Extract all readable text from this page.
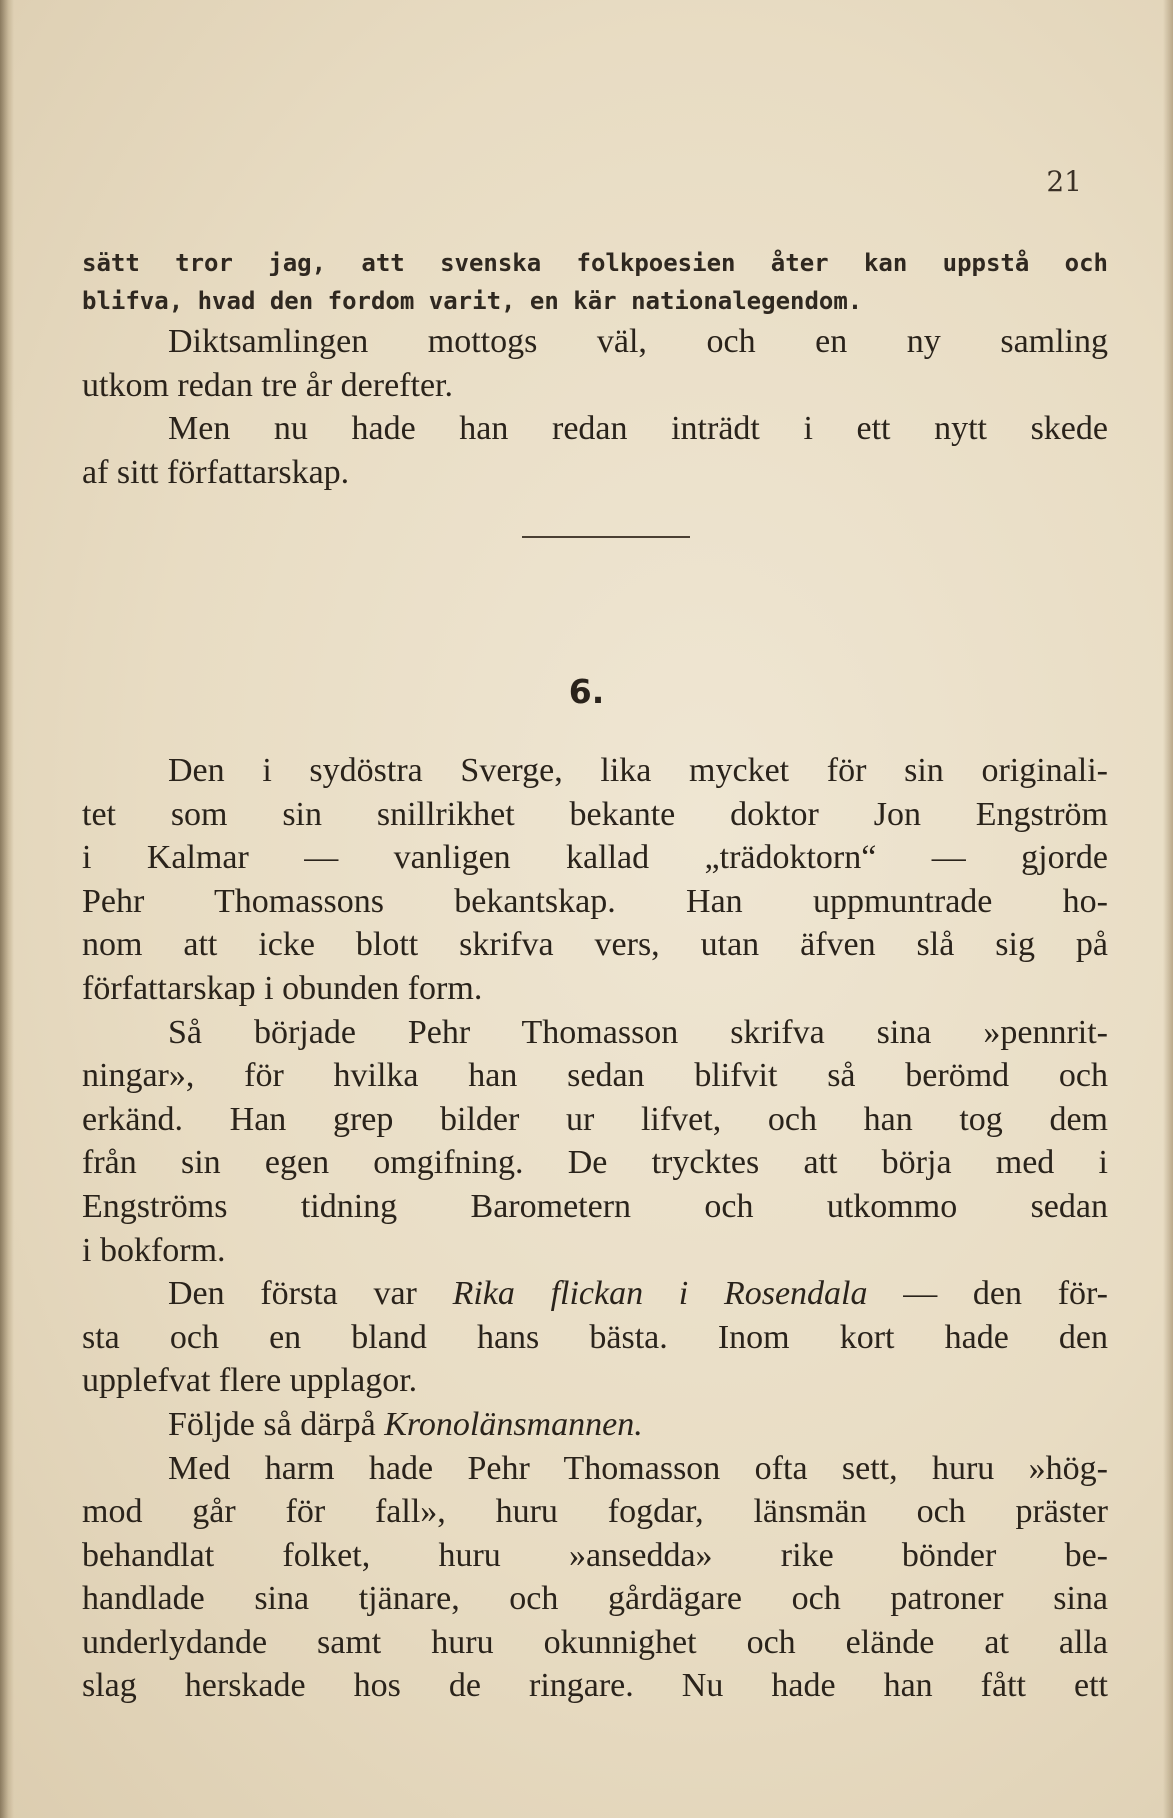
21
sätt tror jag, att svenska folkpoesien åter kan uppstå och
blifva, hvad den fordom varit, en kär nationalegendom.
Diktsamlingen mottogs väl, och en ny samling
utkom redan tre år derefter.
Men nu hade han redan inträdt i ett nytt skede
af sitt författarskap.
6.
Den i sydöstra Sverge, lika mycket för sin originali-
tet som sin snillrikhet bekante doktor Jon Engström
i Kalmar — vanligen kallad „trädoktorn“ — gjorde
Pehr Thomassons bekantskap. Han uppmuntrade ho-
nom att icke blott skrifva vers, utan äfven slå sig på
författarskap i obunden form.
Så började Pehr Thomasson skrifva sina »pennrit-
ningar», för hvilka han sedan blifvit så berömd och
erkänd. Han grep bilder ur lifvet, och han tog dem
från sin egen omgifning. De trycktes att börja med i
Engströms tidning Barometern och utkommo sedan
i bokform.
Den första var Rika flickan i Rosendala — den för-
sta och en bland hans bästa. Inom kort hade den
upplefvat flere upplagor.
Följde så därpå Kronolänsmannen.
Med harm hade Pehr Thomasson ofta sett, huru »hög-
mod går för fall», huru fogdar, länsmän och präster
behandlat folket, huru »ansedda» rike bönder be-
handlade sina tjänare, och gårdägare och patroner sina
underlydande samt huru okunnighet och elände at alla
slag herskade hos de ringare. Nu hade han fått ett
